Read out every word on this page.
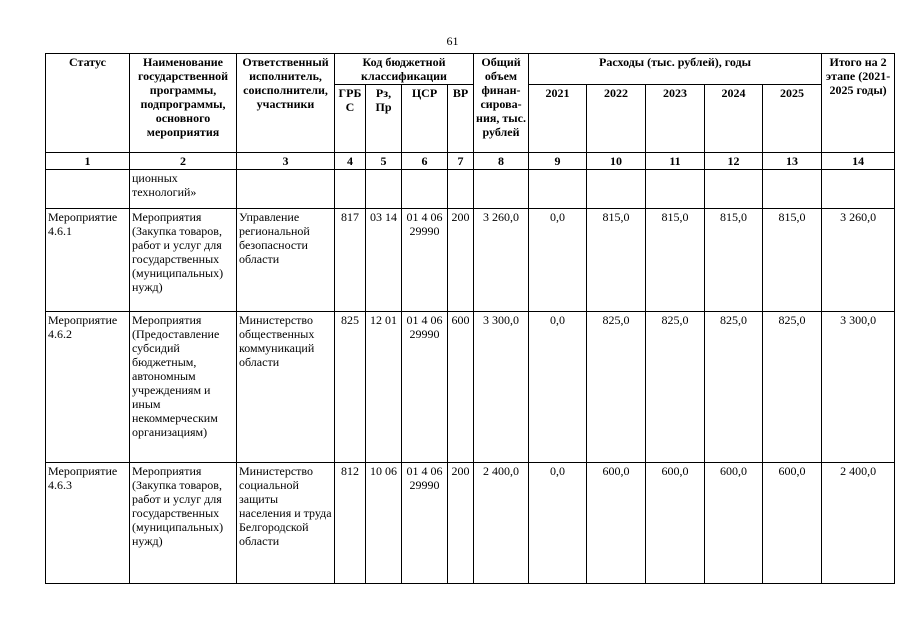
61
Статус	Наименование государственной программы, подпрограммы, основного мероприятия	Ответственный исполнитель, соисполнители, участники	Код бюджетной классификации				Общий объем финан-сирова-ния, тыс. рублей	Расходы (тыс. рублей), годы					Итого на 2 этапе (2021-2025 годы)
			ГРБ С	Рз, Пр	ЦСР	ВР		2021	2022	2023	2024	2025	
1	2	3	4	5	6	7	8	9	10	11	12	13	14
	ционных технологий»												
Мероприятие 4.6.1	Мероприятия (Закупка товаров, работ и услуг для государственных (муниципальных) нужд)	Управление региональной безопасности области	817	03 14	01 4 06 29990	200	3 260,0	0,0	815,0	815,0	815,0	815,0	3 260,0
Мероприятие 4.6.2	Мероприятия (Предоставление субсидий бюджетным, автономным учреждениям и иным некоммерческим организациям)	Министерство общественных коммуникаций области	825	12 01	01 4 06 29990	600	3 300,0	0,0	825,0	825,0	825,0	825,0	3 300,0
Мероприятие 4.6.3	Мероприятия (Закупка товаров, работ и услуг для государственных (муниципальных) нужд)	Министерство социальной защиты населения и труда Белгородской области	812	10 06	01 4 06 29990	200	2 400,0	0,0	600,0	600,0	600,0	600,0	2 400,0
